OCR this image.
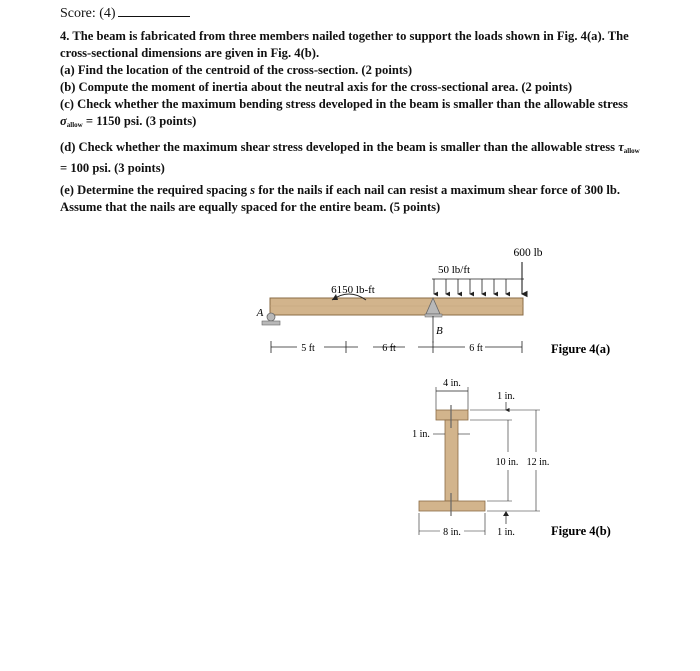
Score: (4)

4. The beam is fabricated from three members nailed together to support the loads shown in Fig. 4(a). The cross-sectional dimensions are given in Fig. 4(b).

(a) Find the location of the centroid of the cross-section. (2 points)

(b) Compute the moment of inertia about the neutral axis for the cross-sectional area. (2 points)

(c) Check whether the maximum bending stress developed in the beam is smaller than the allowable stress $\sigma_{allow} = 1150$ psi. (3 points)

(d) Check whether the maximum shear stress developed in the beam is smaller than the allowable stress $\tau_{allow} = 100$ psi. (3 points)

(e) Determine the required spacing s for the nails if each nail can resist a maximum shear force of 300 lb. Assume that the nails are equally spaced for the entire beam. (5 points)

50 lb/ft
600 lb
6150 lb-ft
A
B
5 ft	6 ft	6 ft	Figure 4(a)
4 in.
1 in.
1 in.
10 in. 12 in.
1 in.
8 in.	Figure 4(b)
